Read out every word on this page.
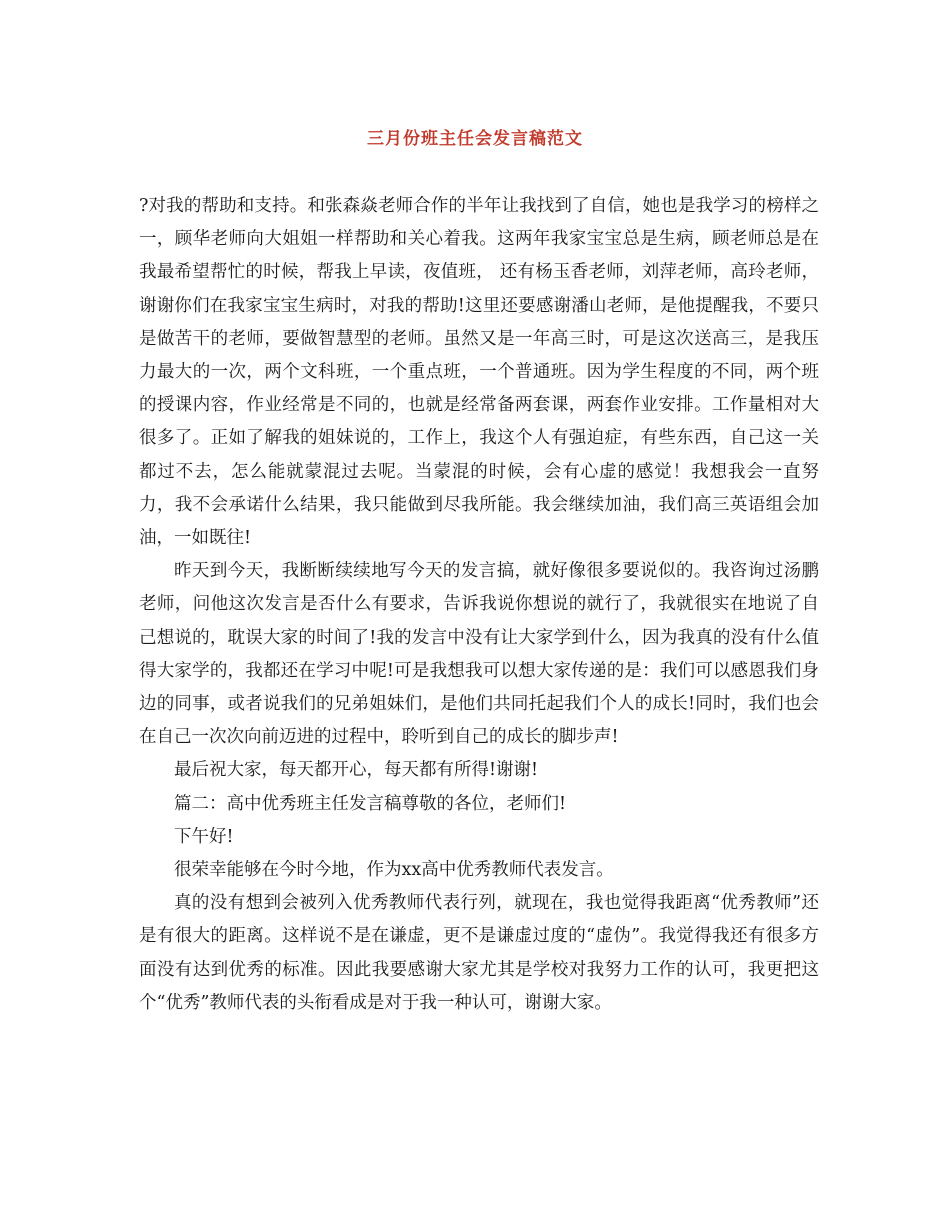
三月份班主任会发言稿范文

?对我的帮助和支持。和张森焱老师合作的半年让我找到了自信，她也是我学习的榜样之一，顾华老师向大姐姐一样帮助和关心着我。这两年我家宝宝总是生病，顾老师总是在我最希望帮忙的时候，帮我上早读，夜值班， 还有杨玉香老师，刘萍老师，高玲老师，谢谢你们在我家宝宝生病时，对我的帮助!这里还要感谢潘山老师，是他提醒我，不要只是做苦干的老师，要做智慧型的老师。虽然又是一年高三时，可是这次送高三，是我压力最大的一次，两个文科班，一个重点班，一个普通班。因为学生程度的不同，两个班的授课内容，作业经常是不同的，也就是经常备两套课，两套作业安排。工作量相对大很多了。正如了解我的姐妹说的，工作上，我这个人有强迫症，有些东西，自己这一关都过不去，怎么能就蒙混过去呢。当蒙混的时候，会有心虚的感觉！我想我会一直努力，我不会承诺什么结果，我只能做到尽我所能。我会继续加油，我们高三英语组会加油，一如既往!

昨天到今天，我断断续续地写今天的发言搞，就好像很多要说似的。我咨询过汤鹏老师，问他这次发言是否什么有要求，告诉我说你想说的就行了，我就很实在地说了自己想说的，耽误大家的时间了!我的发言中没有让大家学到什么，因为我真的没有什么值得大家学的，我都还在学习中呢!可是我想我可以想大家传递的是：我们可以感恩我们身边的同事，或者说我们的兄弟姐妹们，是他们共同托起我们个人的成长!同时，我们也会在自己一次次向前迈进的过程中，聆听到自己的成长的脚步声!

最后祝大家，每天都开心，每天都有所得!谢谢!

篇二：高中优秀班主任发言稿尊敬的各位，老师们!

下午好!

很荣幸能够在今时今地，作为xx高中优秀教师代表发言。

真的没有想到会被列入优秀教师代表行列，就现在，我也觉得我距离“优秀教师”还是有很大的距离。这样说不是在谦虚，更不是谦虚过度的“虚伪”。我觉得我还有很多方面没有达到优秀的标准。因此我要感谢大家尤其是学校对我努力工作的认可，我更把这个“优秀”教师代表的头衔看成是对于我一种认可，谢谢大家。
